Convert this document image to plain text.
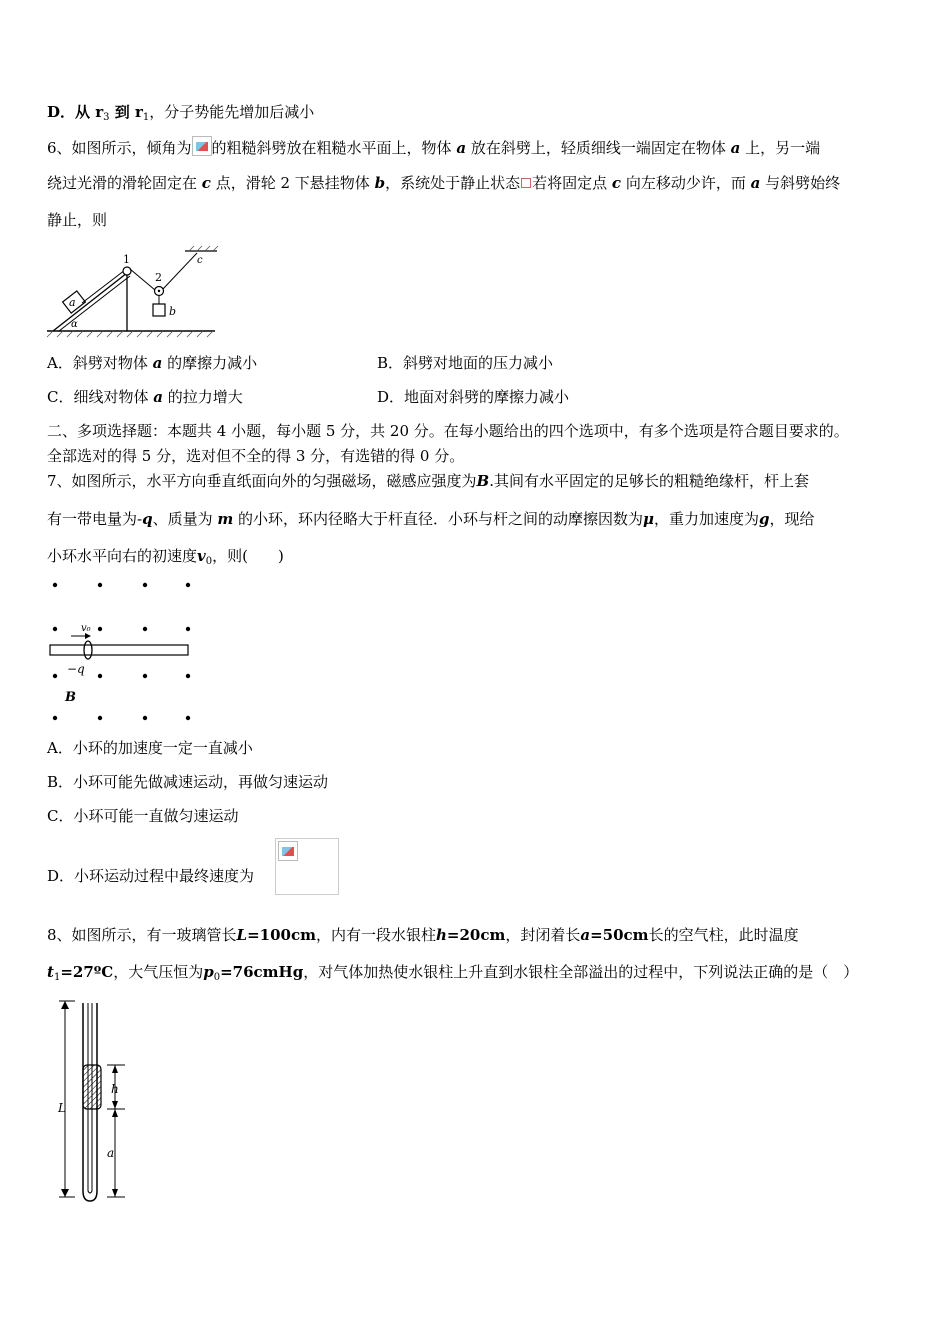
D．从 $r_3$ 到 $r_1$，分子势能先增加后减小
6、如图所示，倾角为 的粗糙斜劈放在粗糙水平面上，物体 a 放在斜劈上，轻质细线一端固定在物体 a 上，另一端
绕过光滑的滑轮固定在 c 点，滑轮 2 下悬挂物体 b，系统处于静止状态 若将固定点 c 向左移动少许，而 a 与斜劈始终
静止，则
a
α
1
2
c
b
A．斜劈对物体 a 的摩擦力减小	B．斜劈对地面的压力减小
C．细线对物体 a 的拉力增大	D．地面对斜劈的摩擦力减小
二、多项选择题：本题共 4 小题，每小题 5 分，共 20 分。在每小题给出的四个选项中，有多个选项是符合题目要求的。
全部选对的得 5 分，选对但不全的得 3 分，有选错的得 0 分。
7、如图所示，水平方向垂直纸面向外的匀强磁场，磁感应强度为B.其间有水平固定的足够长的粗糙绝缘杆，杆上套
有一带电量为-q、质量为 m 的小环，环内径略大于杆直径．小环与杆之间的动摩擦因数为μ，重力加速度为g，现给
小环水平向右的初速度$v_0$，则(　　)
v₀
−q
B
A．小环的加速度一定一直减小
B．小环可能先做减速运动，再做匀速运动
C．小环可能一直做匀速运动
D．小环运动过程中最终速度为
8、如图所示，有一玻璃管长L=100cm，内有一段水银柱h=20cm，封闭着长a=50cm长的空气柱，此时温度
$t_1=27ºC$，大气压恒为$p_0=76cmHg$，对气体加热使水银柱上升直到水银柱全部溢出的过程中，下列说法正确的是（　）
L
h
a
